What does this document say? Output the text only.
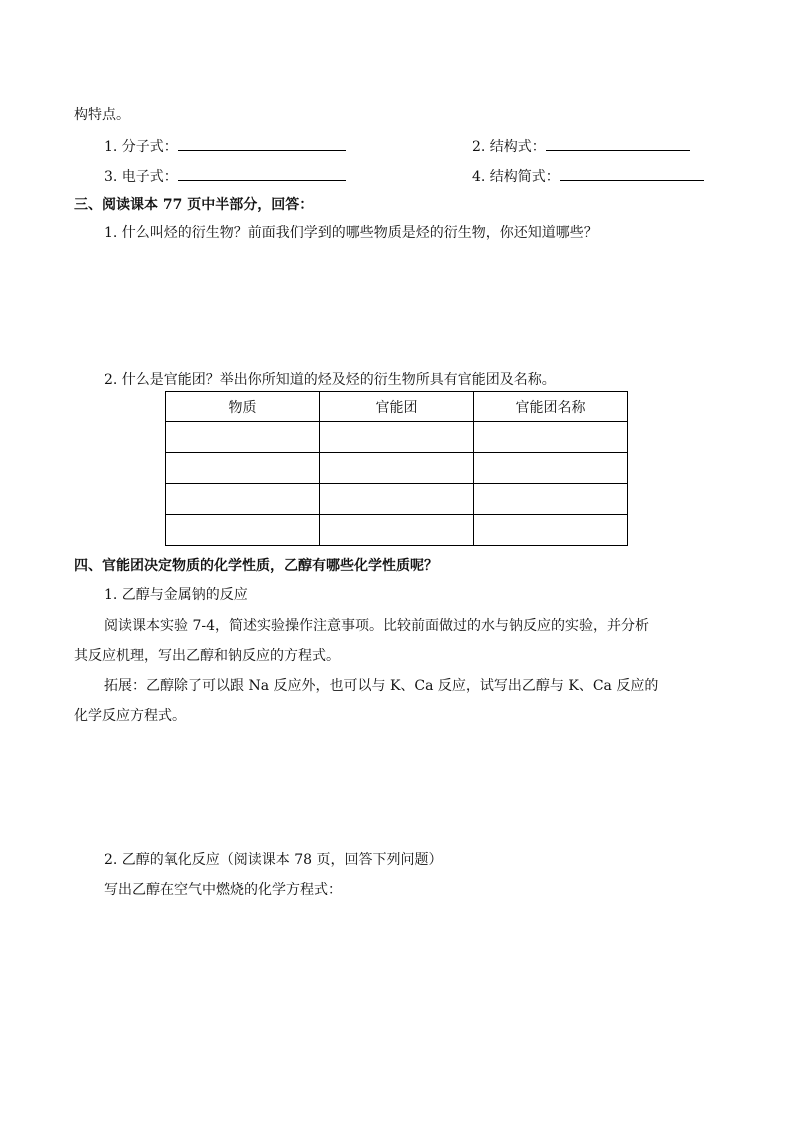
构特点。
1. 分子式：	2. 结构式：
3. 电子式：	4. 结构简式：
三、阅读课本 77 页中半部分，回答：
1. 什么叫烃的衍生物？前面我们学到的哪些物质是烃的衍生物，你还知道哪些？
2. 什么是官能团？举出你所知道的烃及烃的衍生物所具有官能团及名称。
物质	官能团	官能团名称

四、官能团决定物质的化学性质，乙醇有哪些化学性质呢？
1. 乙醇与金属钠的反应
阅读课本实验 7-4，简述实验操作注意事项。比较前面做过的水与钠反应的实验，并分析
其反应机理，写出乙醇和钠反应的方程式。
拓展：乙醇除了可以跟 Na 反应外，也可以与 K、Ca 反应，试写出乙醇与 K、Ca 反应的
化学反应方程式。
2. 乙醇的氧化反应（阅读课本 78 页，回答下列问题）
写出乙醇在空气中燃烧的化学方程式：
